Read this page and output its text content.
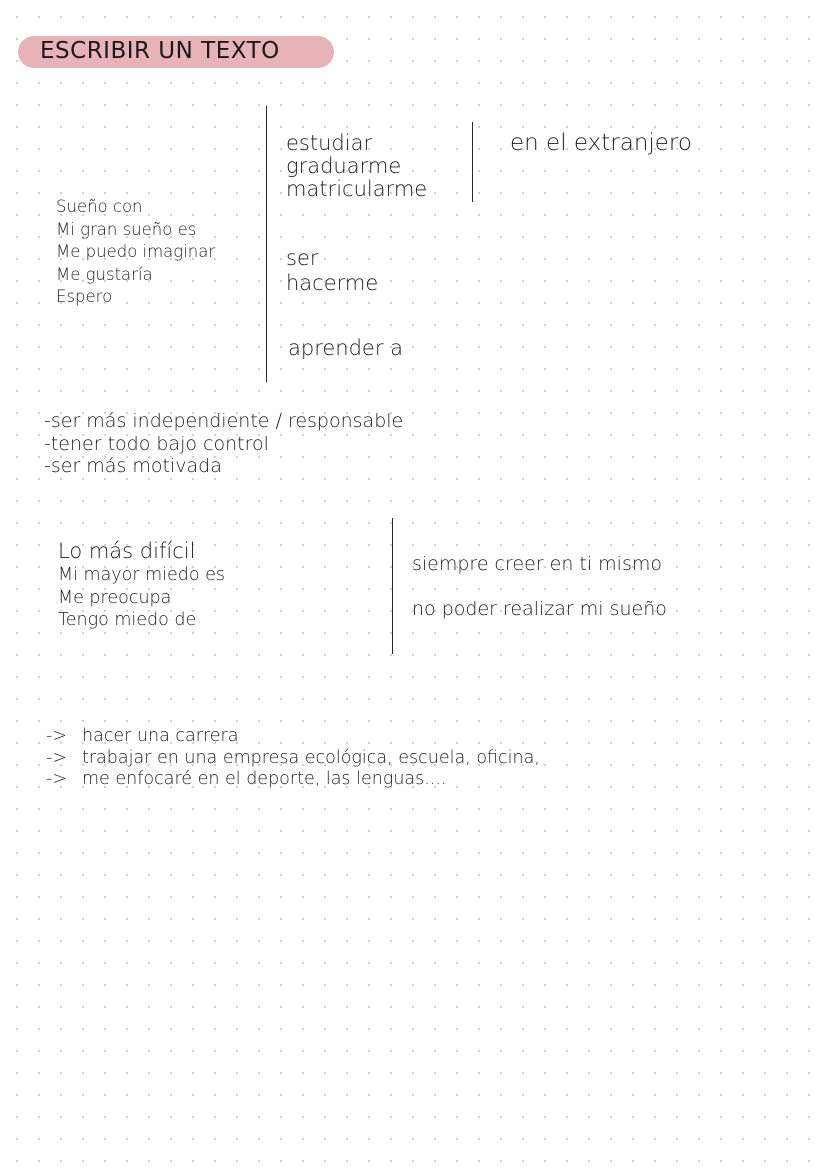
ESCRIBIR UN TEXTO
Sueño con
Mi gran sueño es
Me puedo imaginar
Me gustaría
Espero
estudiar
graduarme
matricularme
en el extranjero
ser
hacerme
aprender a
-ser más independiente / responsable
-tener todo bajo control
-ser más motivada
Lo más difícil
Mi mayor miedo es
Me preocupa
Tengo miedo de
siempre creer en ti mismo
no poder realizar mi sueño
-> hacer una carrera
-> trabajar en una empresa ecológica, escuela, oficina,
-> me enfocaré en el deporte, las lenguas....
